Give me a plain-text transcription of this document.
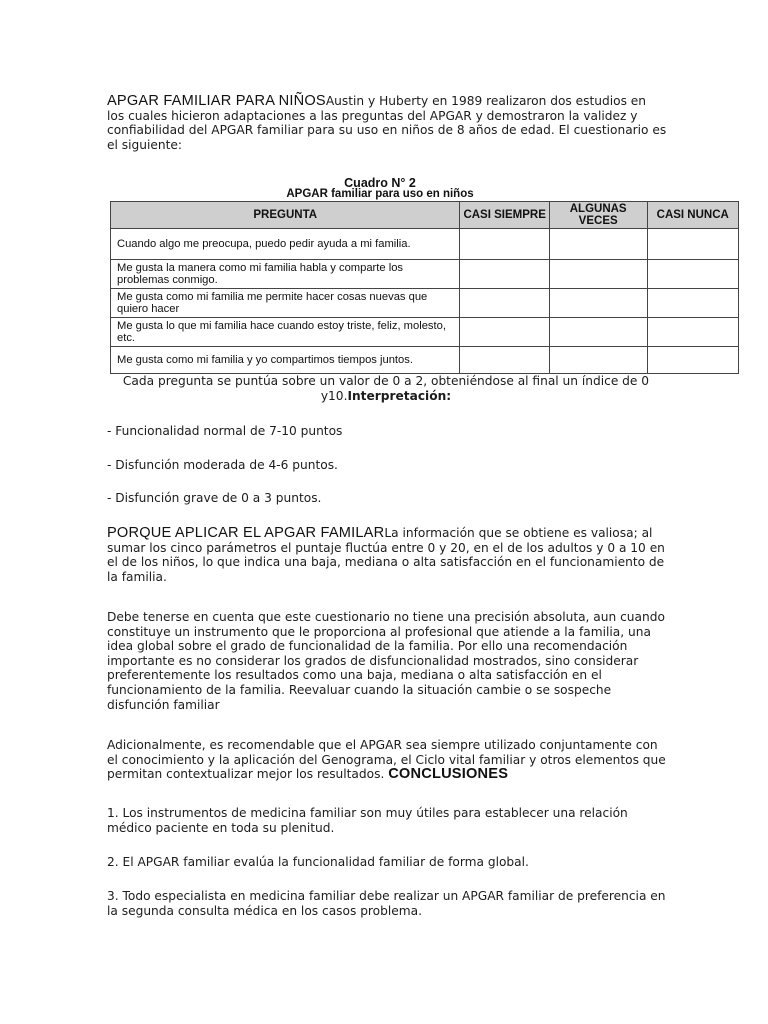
APGAR FAMILIAR PARA NIÑOSAustin y Huberty en 1989 realizaron dos estudios en los cuales hicieron adaptaciones a las preguntas del APGAR y demostraron la validez y confiabilidad del APGAR familiar para su uso en niños de 8 años de edad. El cuestionario es el siguiente:
Cuadro N° 2
APGAR familiar para uso en niños
PREGUNTA	CASI SIEMPRE	ALGUNAS VECES	CASI NUNCA
Cuando algo me preocupa, puedo pedir ayuda a mi familia.			
Me gusta la manera como mi familia habla y comparte los problemas conmigo.			
Me gusta como mi familia me permite hacer cosas nuevas que quiero hacer			
Me gusta lo que mi familia hace cuando estoy triste, feliz, molesto, etc.			
Me gusta como mi familia y yo compartimos tiempos juntos.			
Cada pregunta se puntúa sobre un valor de 0 a 2, obteniéndose al final un índice de 0 y10.Interpretación:
- Funcionalidad normal de 7-10 puntos
- Disfunción moderada de 4-6 puntos.
- Disfunción grave de 0 a 3 puntos.
PORQUE APLICAR EL APGAR FAMILARLa información que se obtiene es valiosa; al sumar los cinco parámetros el puntaje fluctúa entre 0 y 20, en el de los adultos y 0 a 10 en el de los niños, lo que indica una baja, mediana o alta satisfacción en el funcionamiento de la familia.
Debe tenerse en cuenta que este cuestionario no tiene una precisión absoluta, aun cuando constituye un instrumento que le proporciona al profesional que atiende a la familia, una idea global sobre el grado de funcionalidad de la familia. Por ello una recomendación importante es no considerar los grados de disfuncionalidad mostrados, sino considerar preferentemente los resultados como una baja, mediana o alta satisfacción en el funcionamiento de la familia. Reevaluar cuando la situación cambie o se sospeche disfunción familiar
Adicionalmente, es recomendable que el APGAR sea siempre utilizado conjuntamente con el conocimiento y la aplicación del Genograma, el Ciclo vital familiar y otros elementos que permitan contextualizar mejor los resultados. CONCLUSIONES
1. Los instrumentos de medicina familiar son muy útiles para establecer una relación médico paciente en toda su plenitud.
2. El APGAR familiar evalúa la funcionalidad familiar de forma global.
3. Todo especialista en medicina familiar debe realizar un APGAR familiar de preferencia en la segunda consulta médica en los casos problema.
